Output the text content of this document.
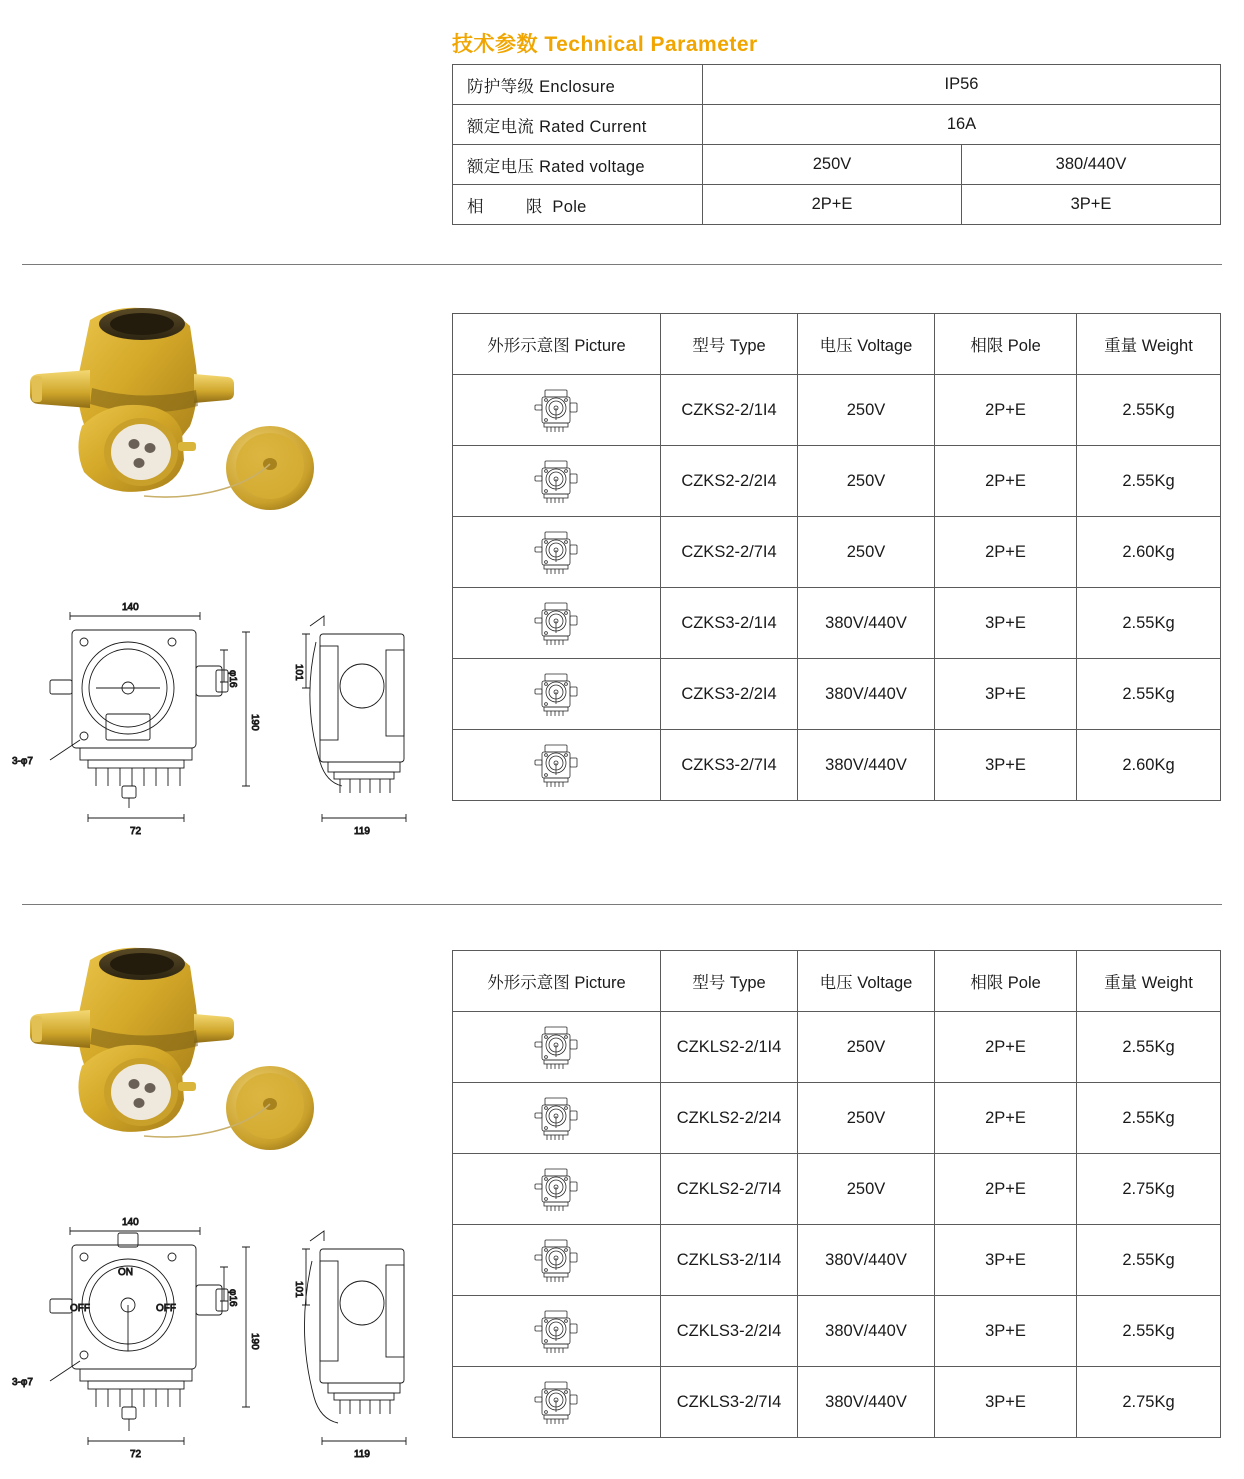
技术参数 Technical Parameter
防护等级 Enclosure	IP56	
额定电流 Rated Current	16A	
额定电压 Rated voltage	250V	380/440V
相 限 Pole	2P+E	3P+E
140
190
φ16
72
3-φ7
101
119
外形示意图 Picture	型号 Type	电压 Voltage	相限 Pole	重量 Weight

	CZKS2-2/1I4	250V	2P+E	2.55Kg

	CZKS2-2/2I4	250V	2P+E	2.55Kg

	CZKS2-2/7I4	250V	2P+E	2.60Kg

	CZKS3-2/1I4	380V/440V	3P+E	2.55Kg

	CZKS3-2/2I4	380V/440V	3P+E	2.55Kg

	CZKS3-2/7I4	380V/440V	3P+E	2.60Kg
140
ON
OFF	OFF
190
φ16
72
3-φ7
101
119
外形示意图 Picture	型号 Type	电压 Voltage	相限 Pole	重量 Weight

	CZKLS2-2/1I4	250V	2P+E	2.55Kg

	CZKLS2-2/2I4	250V	2P+E	2.55Kg

	CZKLS2-2/7I4	250V	2P+E	2.75Kg

	CZKLS3-2/1I4	380V/440V	3P+E	2.55Kg

	CZKLS3-2/2I4	380V/440V	3P+E	2.55Kg

	CZKLS3-2/7I4	380V/440V	3P+E	2.75Kg
